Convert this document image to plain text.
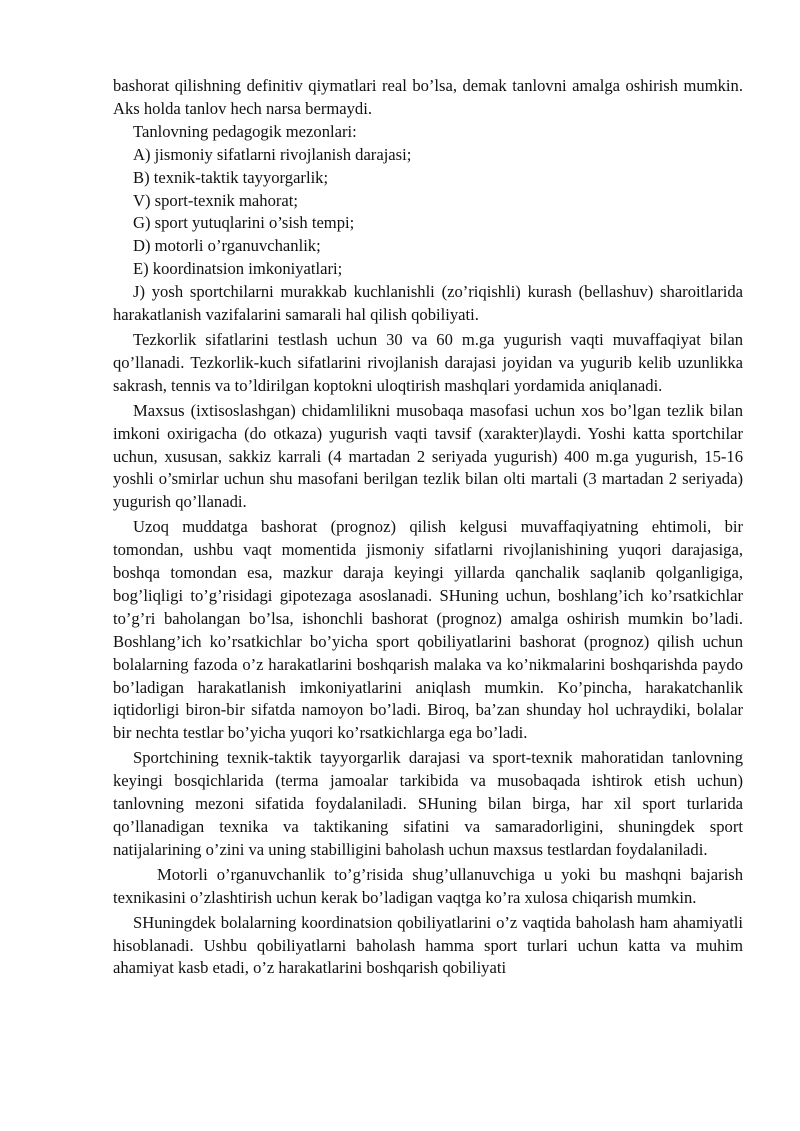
bashorat qilishning definitiv qiymatlari real bo’lsa, demak tanlovni amalga oshirish mumkin. Aks holda tanlov hech narsa bermaydi.

Tanlovning pedagogik mezonlari:

A) jismoniy sifatlarni rivojlanish darajasi;

B) texnik-taktik tayyorgarlik;

V) sport-texnik mahorat;

G) sport yutuqlarini o’sish tempi;

D) motorli o’rganuvchanlik;

E) koordinatsion imkoniyatlari;

J) yosh sportchilarni murakkab kuchlanishli (zo’riqishli) kurash (bellashuv) sharoitlarida harakatlanish vazifalarini samarali hal qilish qobiliyati.

Tezkorlik sifatlarini testlash uchun 30 va 60 m.ga yugurish vaqti muvaffaqiyat bilan qo’llanadi. Tezkorlik-kuch sifatlarini rivojlanish darajasi joyidan va yugurib kelib uzunlikka sakrash, tennis va to’ldirilgan koptokni uloqtirish mashqlari yordamida aniqlanadi.

Maxsus (ixtisoslashgan) chidamlilikni musobaqa masofasi uchun xos bo’lgan tezlik bilan imkoni oxirigacha (do otkaza) yugurish vaqti tavsif (xarakter)laydi. Yoshi katta sportchilar uchun, xususan, sakkiz karrali (4 martadan 2 seriyada yugurish) 400 m.ga yugurish, 15-16 yoshli o’smirlar uchun shu masofani berilgan tezlik bilan olti martali (3 martadan 2 seriyada) yugurish qo’llanadi.

Uzoq muddatga bashorat (prognoz) qilish kelgusi muvaffaqiyatning ehtimoli, bir tomondan, ushbu vaqt momentida jismoniy sifatlarni rivojlanishining yuqori darajasiga, boshqa tomondan esa, mazkur daraja keyingi yillarda qanchalik saqlanib qolganligiga, bog’liqligi to’g’risidagi gipotezaga asoslanadi. SHuning uchun, boshlang’ich ko’rsatkichlar to’g’ri baholangan bo’lsa, ishonchli bashorat (prognoz) amalga oshirish mumkin bo’ladi. Boshlang’ich ko’rsatkichlar bo’yicha sport qobiliyatlarini bashorat (prognoz) qilish uchun bolalarning fazoda o’z harakatlarini boshqarish malaka va ko’nikmalarini boshqarishda paydo bo’ladigan harakatlanish imkoniyatlarini aniqlash mumkin. Ko’pincha, harakatchanlik iqtidorligi biron-bir sifatda namoyon bo’ladi. Biroq, ba’zan shunday hol uchraydiki, bolalar bir nechta testlar bo’yicha yuqori ko’rsatkichlarga ega bo’ladi.

Sportchining texnik-taktik tayyorgarlik darajasi va sport-texnik mahoratidan tanlovning keyingi bosqichlarida (terma jamoalar tarkibida va musobaqada ishtirok etish uchun) tanlovning mezoni sifatida foydalaniladi. SHuning bilan birga, har xil sport turlarida qo’llanadigan texnika va taktikaning sifatini va samaradorligini, shuningdek sport natijalarining o’zini va uning stabilligini baholash uchun maxsus testlardan foydalaniladi.

Motorli o’rganuvchanlik to’g’risida shug’ullanuvchiga u yoki bu mashqni bajarish texnikasini o’zlashtirish uchun kerak bo’ladigan vaqtga ko’ra xulosa chiqarish mumkin.

SHuningdek bolalarning koordinatsion qobiliyatlarini o’z vaqtida baholash ham ahamiyatli hisoblanadi. Ushbu qobiliyatlarni baholash hamma sport turlari uchun katta va muhim ahamiyat kasb etadi, o’z harakatlarini boshqarish qobiliyati
